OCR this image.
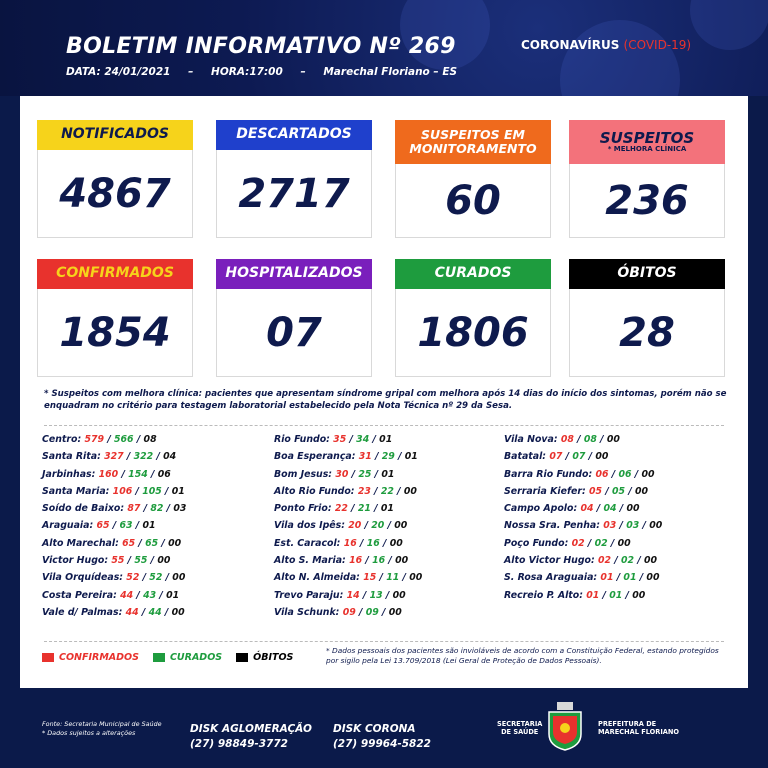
BOLETIM INFORMATIVO Nº 269
DATA: 24/01/2021 – HORA:17:00 – Marechal Floriano – ES
CORONAVÍRUS (COVID-19)
NOTIFICADOS
4867
DESCARTADOS
2717
SUSPEITOS EM
MONITORAMENTO
60
SUSPEITOS
* MELHORA CLÍNICA
236
CONFIRMADOS
1854
HOSPITALIZADOS
07
CURADOS
1806
ÓBITOS
28
* Suspeitos com melhora clínica: pacientes que apresentam síndrome gripal com melhora após 14 dias do início dos sintomas, porém não se enquadram no critério para testagem laboratorial estabelecido pela Nota Técnica nº 29 da Sesa.
Centro: 579 / 566 / 08
Santa Rita: 327 / 322 / 04
Jarbinhas: 160 / 154 / 06
Santa Maria: 106 / 105 / 01
Soído de Baixo: 87 / 82 / 03
Araguaia: 65 / 63 / 01
Alto Marechal: 65 / 65 / 00
Victor Hugo: 55 / 55 / 00
Vila Orquídeas: 52 / 52 / 00
Costa Pereira: 44 / 43 / 01
Vale d/ Palmas: 44 / 44 / 00
Rio Fundo: 35 / 34 / 01
Boa Esperança: 31 / 29 / 01
Bom Jesus: 30 / 25 / 01
Alto Rio Fundo: 23 / 22 / 00
Ponto Frio: 22 / 21 / 01
Vila dos Ipês: 20 / 20 / 00
Est. Caracol: 16 / 16 / 00
Alto S. Maria: 16 / 16 / 00
Alto N. Almeida: 15 / 11 / 00
Trevo Paraju: 14 / 13 / 00
Vila Schunk: 09 / 09 / 00
Vila Nova: 08 / 08 / 00
Batatal: 07 / 07 / 00
Barra Rio Fundo: 06 / 06 / 00
Serraria Kiefer: 05 / 05 / 00
Campo Apolo: 04 / 04 / 00
Nossa Sra. Penha: 03 / 03 / 00
Poço Fundo: 02 / 02 / 00
Alto Victor Hugo: 02 / 02 / 00
S. Rosa Araguaia: 01 / 01 / 00
Recreio P. Alto: 01 / 01 / 00
CONFIRMADOS	CURADOS	ÓBITOS
* Dados pessoais dos pacientes são invioláveis de acordo com a Constituição Federal, estando protegidos por sigilo pela Lei 13.709/2018 (Lei Geral de Proteção de Dados Pessoais).
Fonte: Secretaria Municipal de Saúde
* Dados sujeitos a alterações	DISK AGLOMERAÇÃO
(27) 98849-3772
DISK CORONA
(27) 99964-5822
SECRETARIA
DE SAÚDE
PREFEITURA DE
MARECHAL FLORIANO
